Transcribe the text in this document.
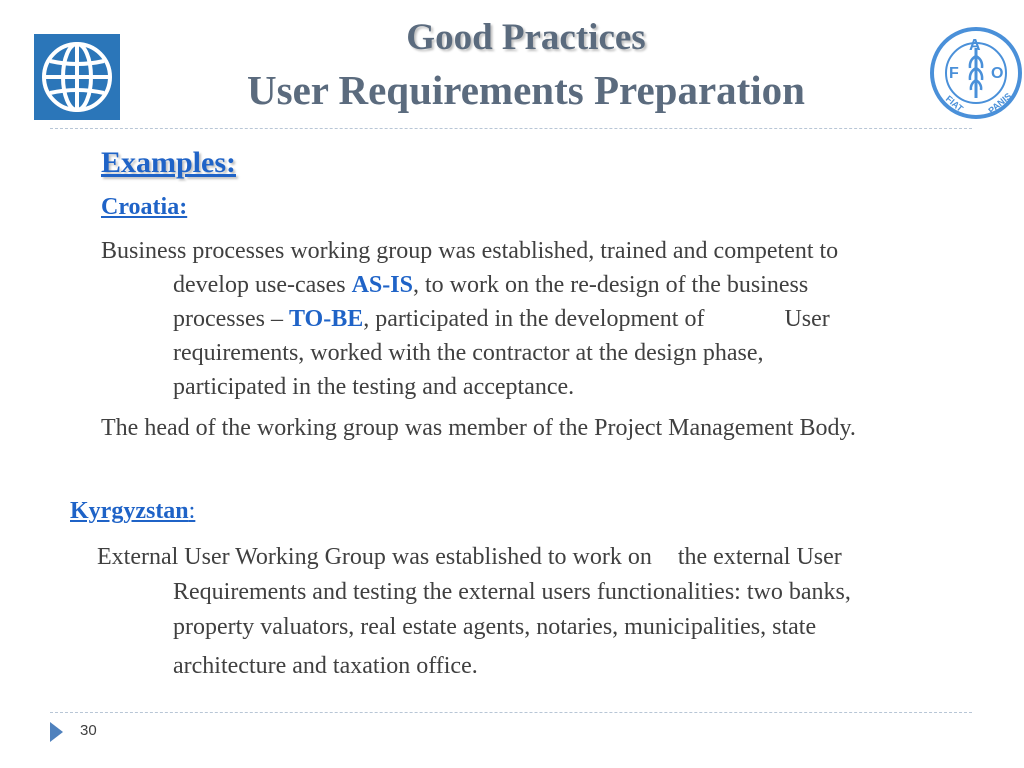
F
A
O
FIAT PANIS
Good Practices
User Requirements Preparation
Examples:
Croatia:
Business processes working group was established, trained and competent to
develop use-cases AS-IS, to work on the re-design of the business
processes – TO-BE, participated in the development of	User
requirements, worked with the contractor at the design phase,
participated in the testing and acceptance.
The head of the working group was member of the Project Management Body.
Kyrgyzstan:
External User Working Group was established to work on the external User
Requirements and testing the external users functionalities: two banks,
property valuators, real estate agents, notaries, municipalities, state
architecture and taxation office.
30
